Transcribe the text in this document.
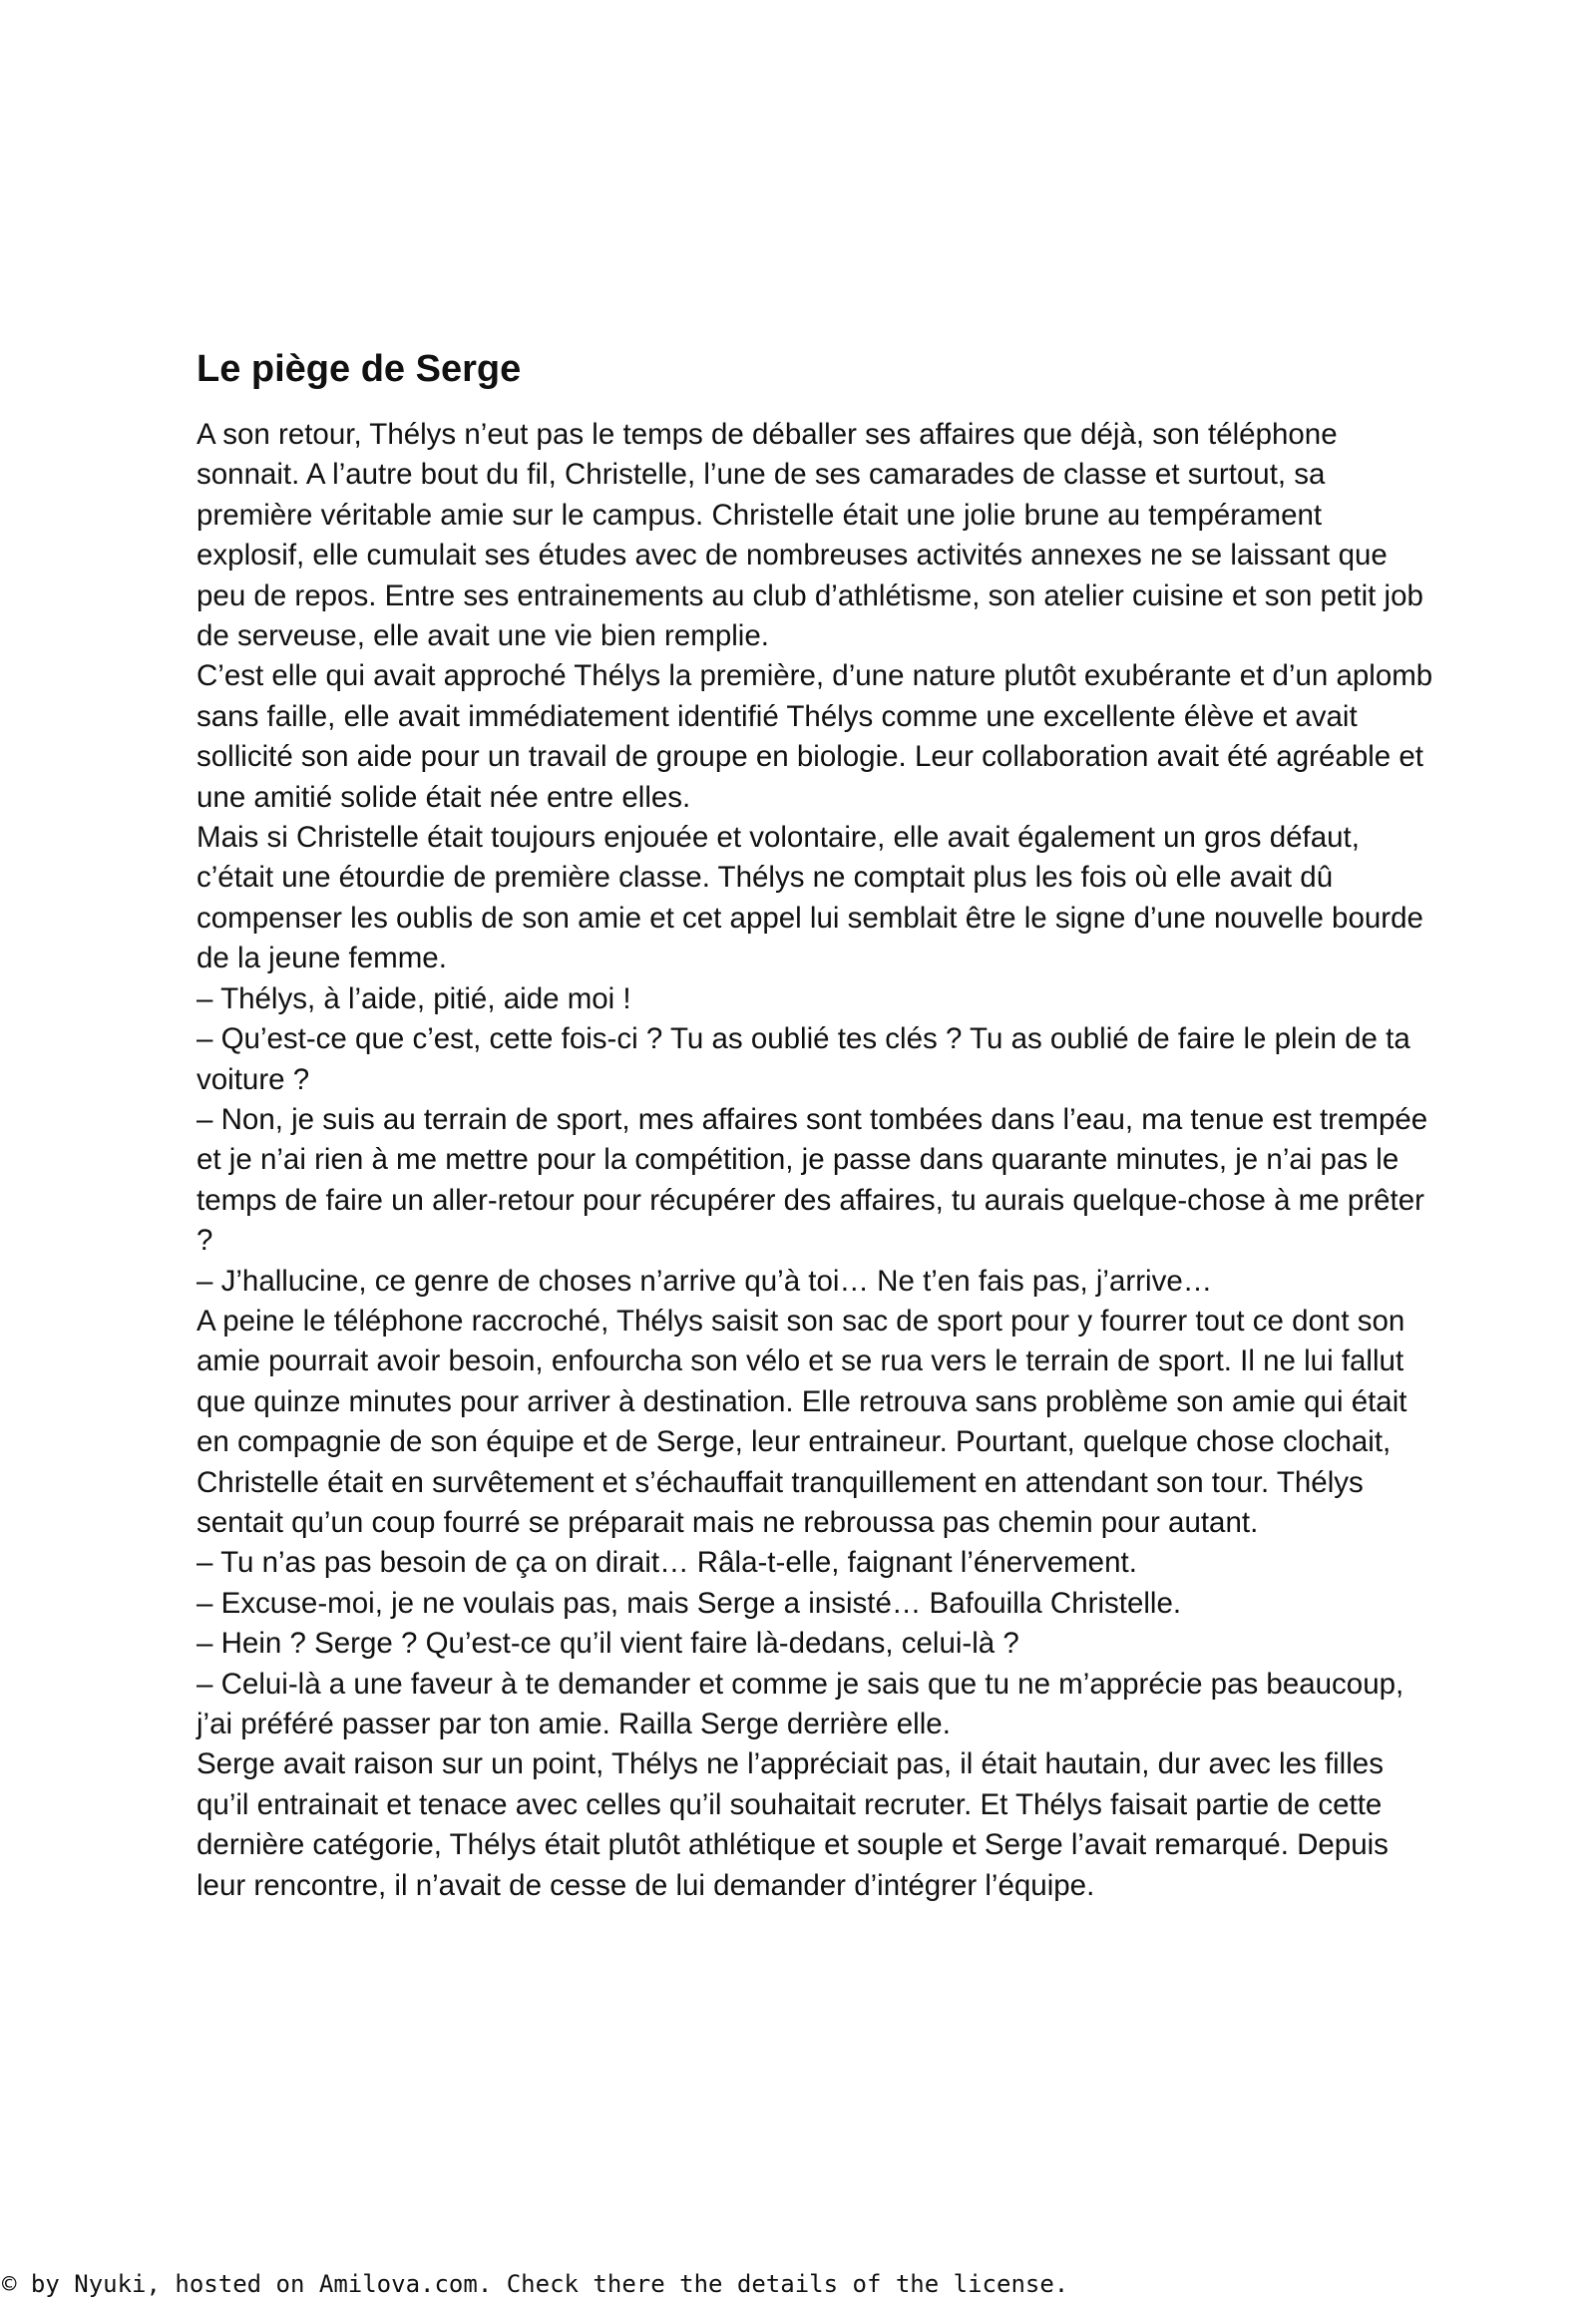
Le piège de Serge

A son retour, Thélys n’eut pas le temps de déballer ses affaires que déjà, son téléphone sonnait. A l’autre bout du fil, Christelle, l’une de ses camarades de classe et surtout, sa première véritable amie sur le campus. Christelle était une jolie brune au tempérament explosif, elle cumulait ses études avec de nombreuses activités annexes ne se laissant que peu de repos. Entre ses entrainements au club d’athlétisme, son atelier cuisine et son petit job de serveuse, elle avait une vie bien remplie.

C’est elle qui avait approché Thélys la première, d’une nature plutôt exubérante et d’un aplomb sans faille, elle avait immédiatement identifié Thélys comme une excellente élève et avait sollicité son aide pour un travail de groupe en biologie. Leur collaboration avait été agréable et une amitié solide était née entre elles.

Mais si Christelle était toujours enjouée et volontaire, elle avait également un gros défaut, c’était une étourdie de première classe. Thélys ne comptait plus les fois où elle avait dû compenser les oublis de son amie et cet appel lui semblait être le signe d’une nouvelle bourde de la jeune femme.

– Thélys, à l’aide, pitié, aide moi !

– Qu’est-ce que c’est, cette fois-ci ? Tu as oublié tes clés ? Tu as oublié de faire le plein de ta voiture ?

– Non, je suis au terrain de sport, mes affaires sont tombées dans l’eau, ma tenue est trempée et je n’ai rien à me mettre pour la compétition, je passe dans quarante minutes, je n’ai pas le temps de faire un aller-retour pour récupérer des affaires, tu aurais quelque-chose à me prêter ?

– J’hallucine, ce genre de choses n’arrive qu’à toi… Ne t’en fais pas, j’arrive…

A peine le téléphone raccroché, Thélys saisit son sac de sport pour y fourrer tout ce dont son amie pourrait avoir besoin, enfourcha son vélo et se rua vers le terrain de sport. Il ne lui fallut que quinze minutes pour arriver à destination. Elle retrouva sans problème son amie qui était en compagnie de son équipe et de Serge, leur entraineur. Pourtant, quelque chose clochait, Christelle était en survêtement et s’échauffait tranquillement en attendant son tour. Thélys sentait qu’un coup fourré se préparait mais ne rebroussa pas chemin pour autant.

– Tu n’as pas besoin de ça on dirait… Râla-t-elle, faignant l’énervement.

– Excuse-moi, je ne voulais pas, mais Serge a insisté… Bafouilla Christelle.

– Hein ? Serge ? Qu’est-ce qu’il vient faire là-dedans, celui-là ?

– Celui-là a une faveur à te demander et comme je sais que tu ne m’apprécie pas beaucoup, j’ai préféré passer par ton amie. Railla Serge derrière elle.

Serge avait raison sur un point, Thélys ne l’appréciait pas, il était hautain, dur avec les filles qu’il entrainait et tenace avec celles qu’il souhaitait recruter. Et Thélys faisait partie de cette dernière catégorie, Thélys était plutôt athlétique et souple et Serge l’avait remarqué. Depuis leur rencontre, il n’avait de cesse de lui demander d’intégrer l’équipe.

© by Nyuki, hosted on Amilova.com. Check there the details of the license.
